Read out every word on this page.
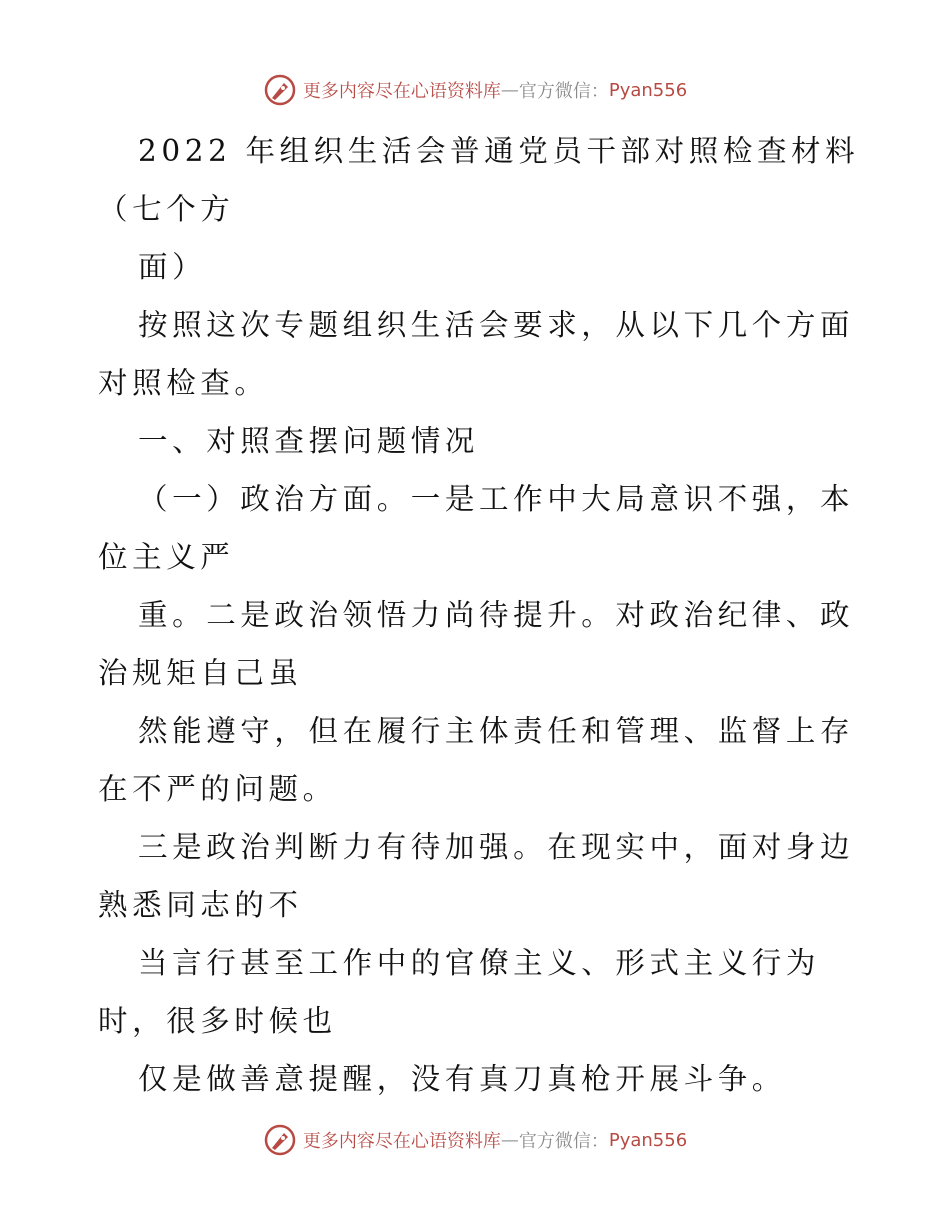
更多内容尽在心语资料库 — 官方微信： Pyan556
2022 年组织生活会普通党员干部对照检查材料
（七个方
面）
按照这次专题组织生活会要求，从以下几个方面
对照检查。
一、对照查摆问题情况
（一）政治方面。一是工作中大局意识不强，本
位主义严
重。二是政治领悟力尚待提升。对政治纪律、政
治规矩自己虽
然能遵守，但在履行主体责任和管理、监督上存
在不严的问题。
三是政治判断力有待加强。在现实中，面对身边
熟悉同志的不
当言行甚至工作中的官僚主义、形式主义行为
时，很多时候也
仅是做善意提醒，没有真刀真枪开展斗争。
更多内容尽在心语资料库 — 官方微信： Pyan556
